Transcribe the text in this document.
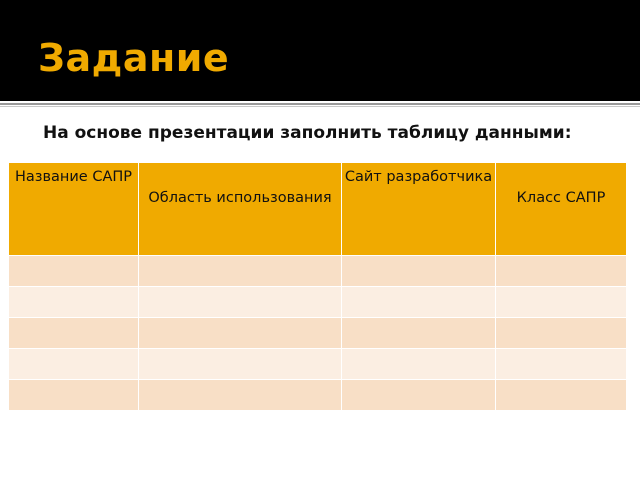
Задание
На основе презентации заполнить таблицу данными:
Название САПР	Область использования	Сайт разработчика	Класс САПР
